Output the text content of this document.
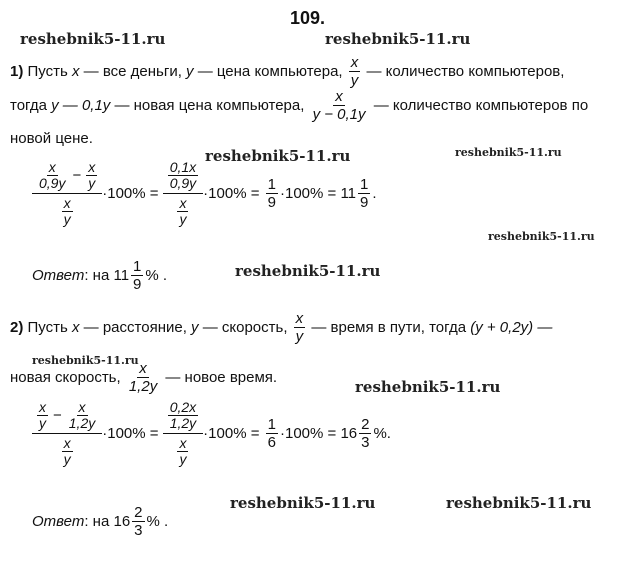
109.
reshebnik5-11.ru	reshebnik5-11.ru
reshebnik5-11.ru	reshebnik5-11.ru
reshebnik5-11.ru
reshebnik5-11.ru
reshebnik5-11.ru
reshebnik5-11.ru
reshebnik5-11.ru	reshebnik5-11.ru
1)
Пусть
x
— все деньги,
y
— цена компьютера,
$\frac{x}{y}$
— количество компьютеров,
тогда
y — 0,1y
— новая цена компьютера,
$\frac{x}{y - 0,1y}$
— количество компьютеров по
новой цене.
$\frac{\frac{x}{0,9y} - \frac{x}{y}}{\frac{x}{y}} \cdot 100\%$ =
$\frac{\frac{0,1x}{0,9y}}{\frac{x}{y}} \cdot 100\%$ =
$\frac{1}{9} \cdot 100\% = 11 \frac{1}{9}$ .
Ответ : на $11 \frac{1}{9}$ % .
2)
Пусть
x
— расстояние,
y
— скорость,
$\frac{x}{y}$
— время в пути, тогда
(y + 0,2y) —
новая скорость,
$\frac{x}{1,2y}$
— новое время.
$\frac{\frac{x}{y} - \frac{x}{1,2y}}{\frac{x}{y}} \cdot 100\%$ =
$\frac{\frac{0,2x}{1,2y}}{\frac{x}{y}} \cdot 100\%$ =
$\frac{1}{6} \cdot 100\% = 16 \frac{2}{3}$ %.
Ответ : на $16 \frac{2}{3}$ % .
